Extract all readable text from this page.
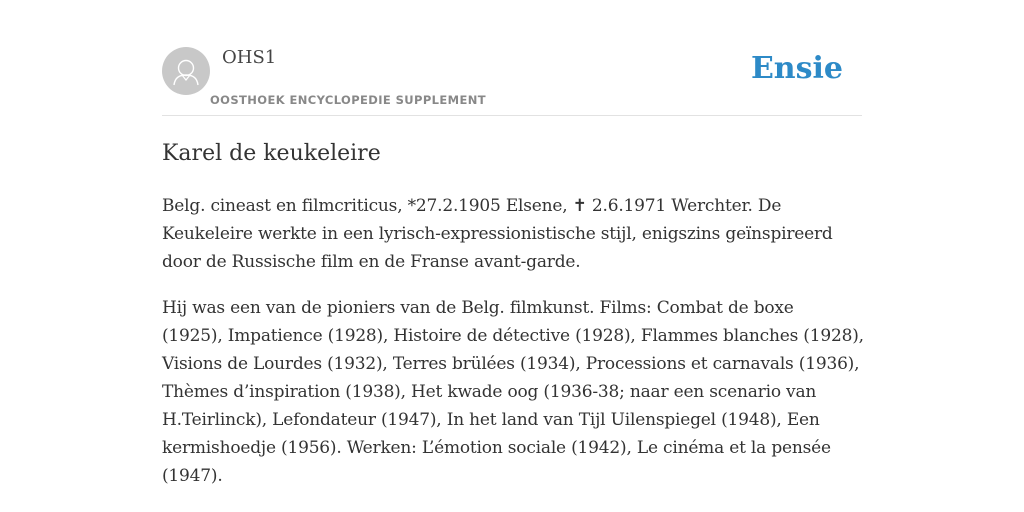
OHS1
OOSTHOEK ENCYCLOPEDIE SUPPLEMENT
Ensie
Karel de keukeleire

Belg. cineast en filmcriticus, *27.2.1905 Elsene, ✝ 2.6.1971 Werchter. De
Keukeleire werkte in een lyrisch-expressionistische stijl, enigszins geïnspireerd
door de Russische film en de Franse avant-garde.

Hij was een van de pioniers van de Belg. filmkunst. Films: Combat de boxe
(1925), Impatience (1928), Histoire de détective (1928), Flammes blanches (1928),
Visions de Lourdes (1932), Terres brülées (1934), Processions et carnavals (1936),
Thèmes d’inspiration (1938), Het kwade oog (1936-38; naar een scenario van
H.Teirlinck), Lefondateur (1947), In het land van Tijl Uilenspiegel (1948), Een
kermishoedje (1956). Werken: L’émotion sociale (1942), Le cinéma et la pensée
(1947).
